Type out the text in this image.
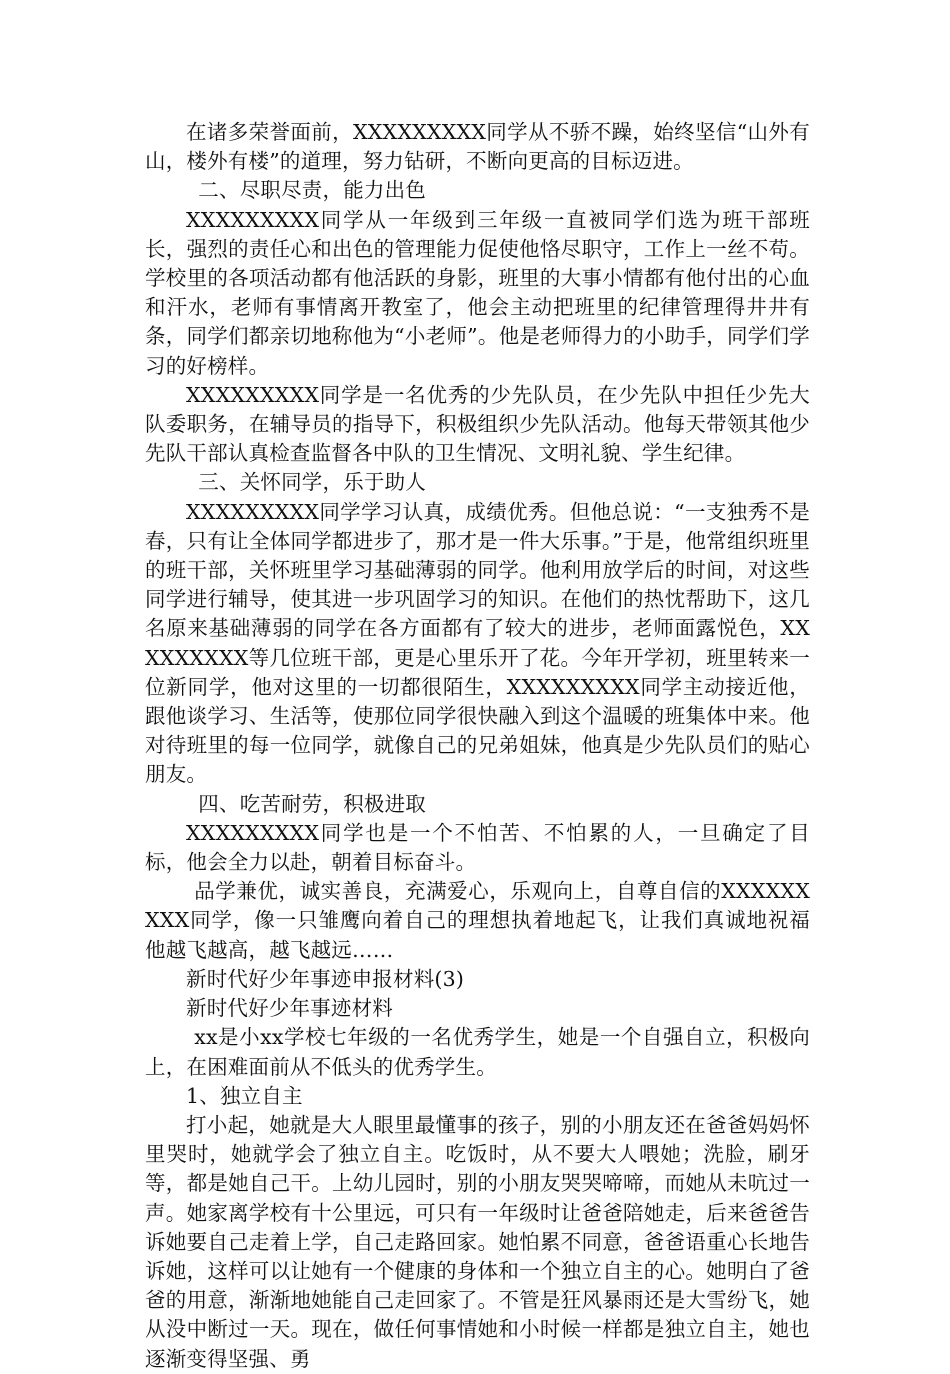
在诸多荣誉面前，XXXXXXXXX同学从不骄不躁，始终坚信“山外有山，楼外有楼”的道理，努力钻研，不断向更高的目标迈进。

二、尽职尽责，能力出色

XXXXXXXXX同学从一年级到三年级一直被同学们选为班干部班长，强烈的责任心和出色的管理能力促使他恪尽职守，工作上一丝不苟。学校里的各项活动都有他活跃的身影，班里的大事小情都有他付出的心血和汗水，老师有事情离开教室了，他会主动把班里的纪律管理得井井有条，同学们都亲切地称他为“小老师”。他是老师得力的小助手，同学们学习的好榜样。

XXXXXXXXX同学是一名优秀的少先队员，在少先队中担任少先大队委职务，在辅导员的指导下，积极组织少先队活动。他每天带领其他少先队干部认真检查监督各中队的卫生情况、文明礼貌、学生纪律。

三、关怀同学，乐于助人

XXXXXXXXX同学学习认真，成绩优秀。但他总说：“一支独秀不是春，只有让全体同学都进步了，那才是一件大乐事。”于是，他常组织班里的班干部，关怀班里学习基础薄弱的同学。他利用放学后的时间，对这些同学进行辅导，使其进一步巩固学习的知识。在他们的热忱帮助下，这几名原来基础薄弱的同学在各方面都有了较大的进步，老师面露悦色，XXXXXXXXX等几位班干部，更是心里乐开了花。今年开学初，班里转来一位新同学，他对这里的一切都很陌生，XXXXXXXXX同学主动接近他，跟他谈学习、生活等，使那位同学很快融入到这个温暖的班集体中来。他对待班里的每一位同学，就像自己的兄弟姐妹，他真是少先队员们的贴心朋友。

四、吃苦耐劳，积极进取

XXXXXXXXX同学也是一个不怕苦、不怕累的人，一旦确定了目标，他会全力以赴，朝着目标奋斗。

品学兼优，诚实善良，充满爱心，乐观向上，自尊自信的XXXXXXXXX同学，像一只雏鹰向着自己的理想执着地起飞，让我们真诚地祝福他越飞越高，越飞越远……

新时代好少年事迹申报材料(3)

新时代好少年事迹材料

xx是小xx学校七年级的一名优秀学生，她是一个自强自立，积极向上，在困难面前从不低头的优秀学生。

1、独立自主

打小起，她就是大人眼里最懂事的孩子，别的小朋友还在爸爸妈妈怀里哭时，她就学会了独立自主。吃饭时，从不要大人喂她；洗脸，刷牙等，都是她自己干。上幼儿园时，别的小朋友哭哭啼啼，而她从未吭过一声。她家离学校有十公里远，可只有一年级时让爸爸陪她走，后来爸爸告诉她要自己走着上学，自己走路回家。她怕累不同意，爸爸语重心长地告诉她，这样可以让她有一个健康的身体和一个独立自主的心。她明白了爸爸的用意，渐渐地她能自己走回家了。不管是狂风暴雨还是大雪纷飞，她从没中断过一天。现在，做任何事情她和小时候一样都是独立自主，她也逐渐变得坚强、勇
